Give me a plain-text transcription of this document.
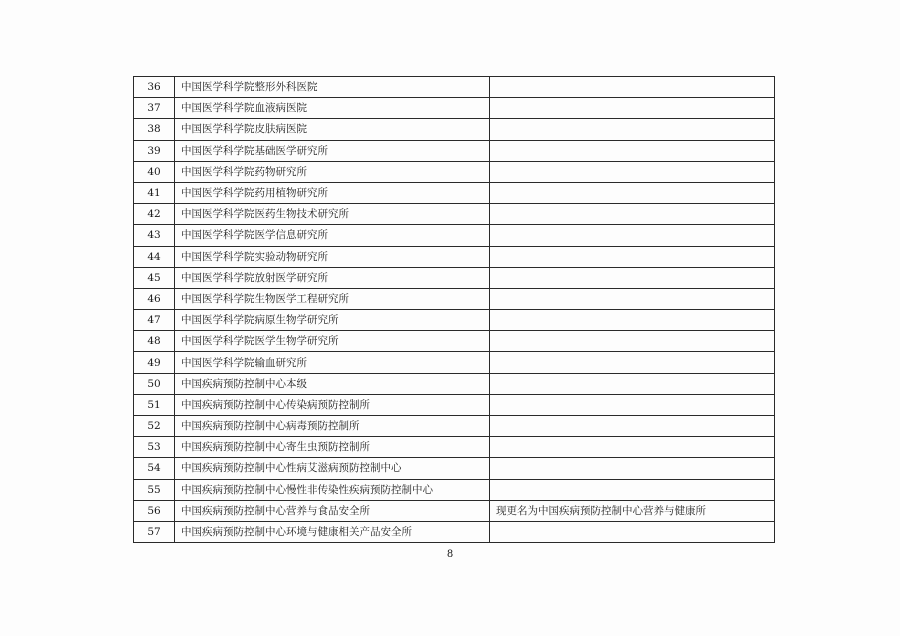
36	中国医学科学院整形外科医院	
37	中国医学科学院血液病医院	
38	中国医学科学院皮肤病医院	
39	中国医学科学院基础医学研究所	
40	中国医学科学院药物研究所	
41	中国医学科学院药用植物研究所	
42	中国医学科学院医药生物技术研究所	
43	中国医学科学院医学信息研究所	
44	中国医学科学院实验动物研究所	
45	中国医学科学院放射医学研究所	
46	中国医学科学院生物医学工程研究所	
47	中国医学科学院病原生物学研究所	
48	中国医学科学院医学生物学研究所	
49	中国医学科学院输血研究所	
50	中国疾病预防控制中心本级	
51	中国疾病预防控制中心传染病预防控制所	
52	中国疾病预防控制中心病毒预防控制所	
53	中国疾病预防控制中心寄生虫预防控制所	
54	中国疾病预防控制中心性病艾滋病预防控制中心	
55	中国疾病预防控制中心慢性非传染性疾病预防控制中心	
56	中国疾病预防控制中心营养与食品安全所	现更名为中国疾病预防控制中心营养与健康所
57	中国疾病预防控制中心环境与健康相关产品安全所	
8
